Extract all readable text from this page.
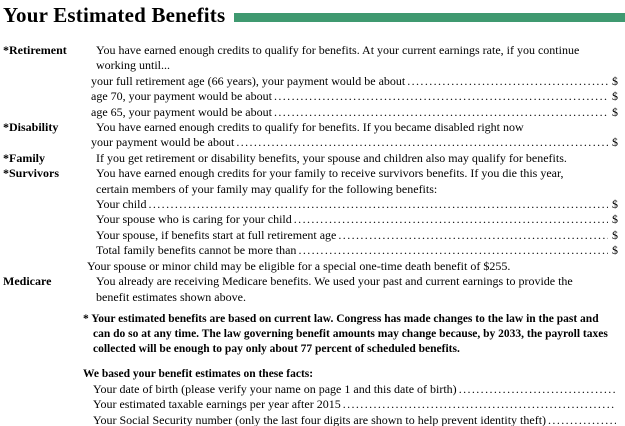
Your Estimated Benefits
*Retirement	You have earned enough credits to qualify for benefits. At your current earnings rate, if you continue
working until...
your full retirement age (66 years), your payment would be about .....	$
age 70, your payment would be about .....	$
age 65, your payment would be about .....	$
*Disability	You have earned enough credits to qualify for benefits. If you became disabled right now
your payment would be about .....	$
*Family	If you get retirement or disability benefits, your spouse and children also may qualify for benefits.
*Survivors	You have earned enough credits for your family to receive survivors benefits. If you die this year,
certain members of your family may qualify for the following benefits:
Your child .....	$
Your spouse who is caring for your child .....	$
Your spouse, if benefits start at full retirement age .....	$
Total family benefits cannot be more than .....	$
Your spouse or minor child may be eligible for a special one-time death benefit of $255.
Medicare	You already are receiving Medicare benefits. We used your past and current earnings to provide the
benefit estimates shown above.
* Your estimated benefits are based on current law. Congress has made changes to the law in the past and
can do so at any time. The law governing benefit amounts may change because, by 2033, the payroll taxes
collected will be enough to pay only about 77 percent of scheduled benefits.
We based your benefit estimates on these facts:
Your date of birth (please verify your name on page 1 and this date of birth)
.....
Your estimated taxable earnings per year after 2015
.....
Your Social Security number (only the last four digits are shown to help prevent identity theft)
.....
